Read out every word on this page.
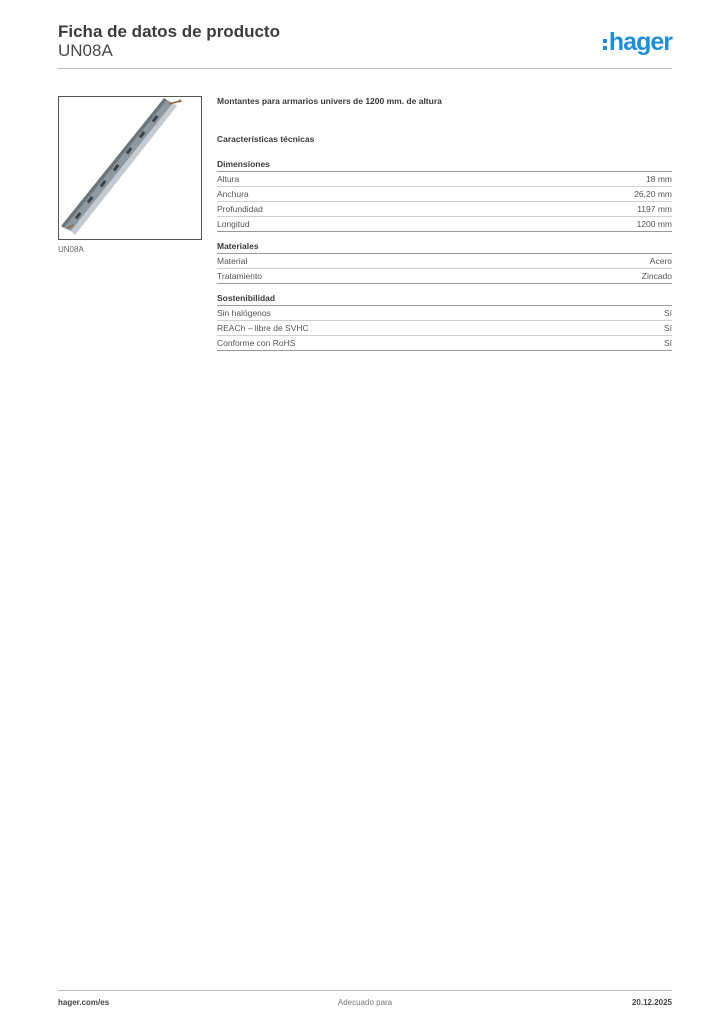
Ficha de datos de producto
UN08A	hager
UN08A
Montantes para armarios univers de 1200 mm. de altura
Características técnicas
Dimensiones
Altura	18 mm
Anchura	26,20 mm
Profundidad	1197 mm
Longitud	1200 mm
Materiales
Material	Acero
Tratamiento	Zincado
Sostenibilidad
Sin halógenos	Sí
REACh – libre de SVHC	Sí
Conforme con RoHS	Sí
hager.com/es	Adecuado para	20.12.2025
